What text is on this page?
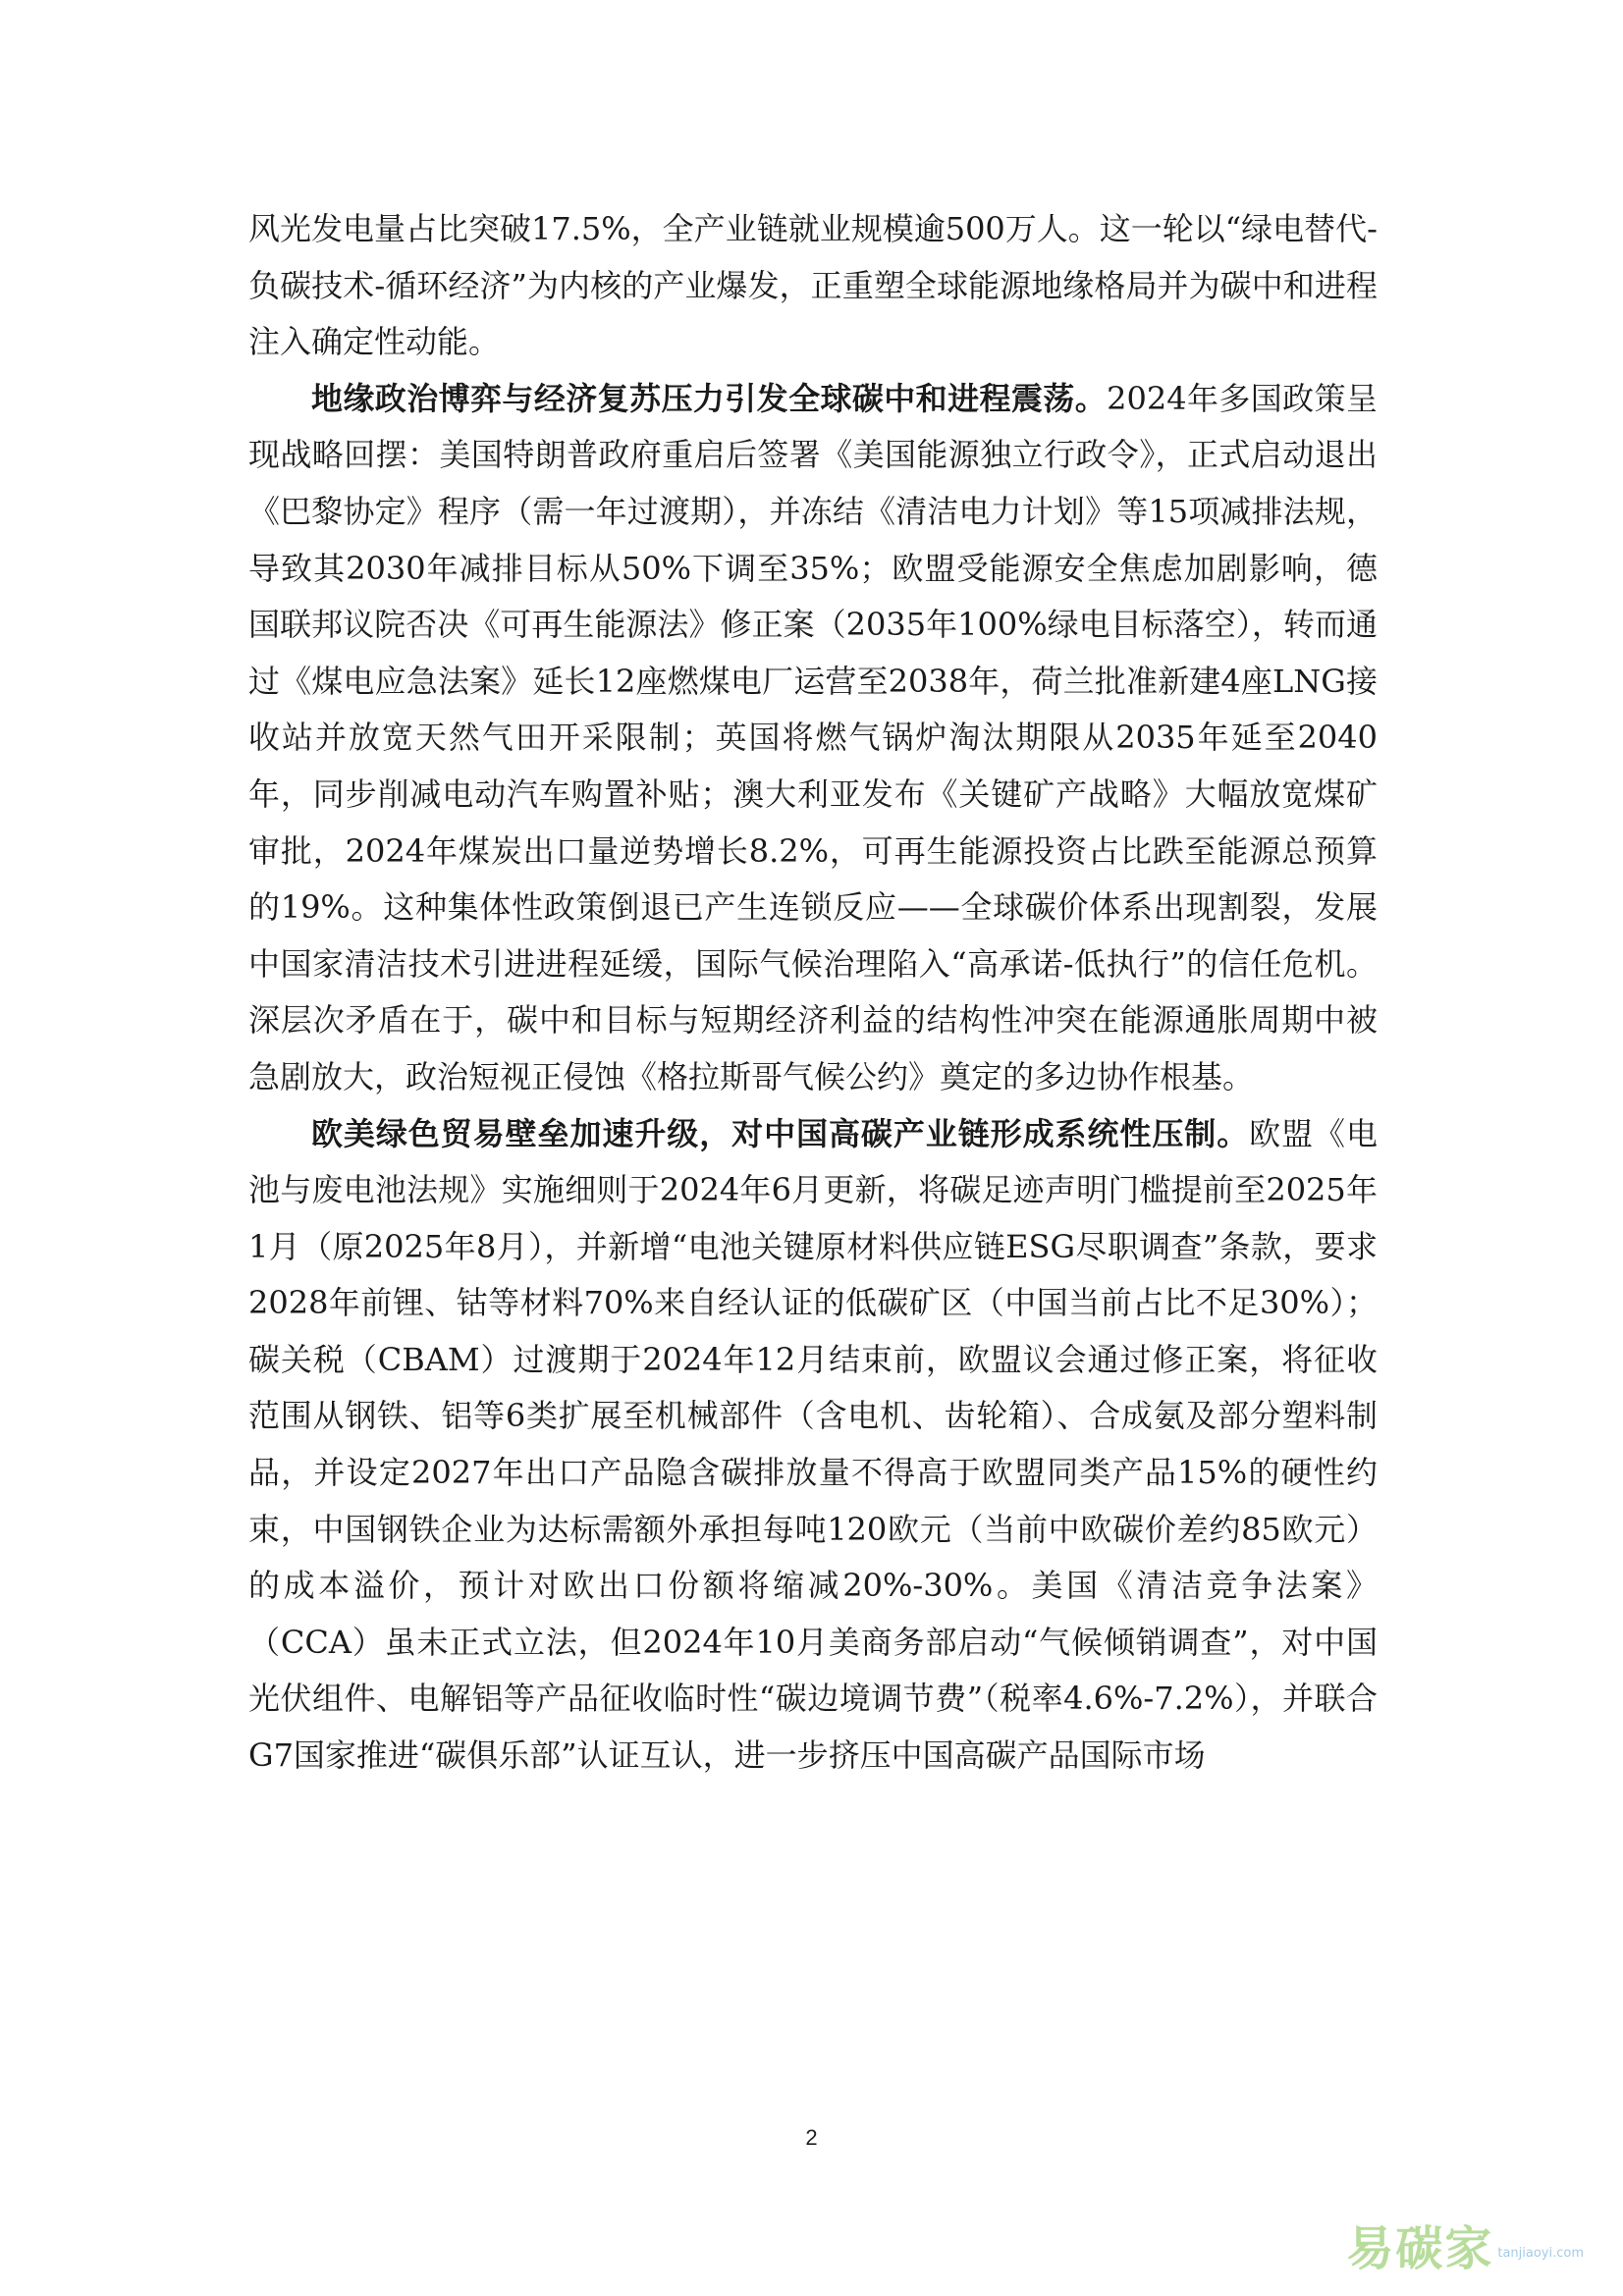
风光发电量占比突破17.5%，全产业链就业规模逾500万人。这一轮以“绿电替代-负碳技术-循环经济”为内核的产业爆发，正重塑全球能源地缘格局并为碳中和进程注入确定性动能。

地缘政治博弈与经济复苏压力引发全球碳中和进程震荡。2024年多国政策呈现战略回摆：美国特朗普政府重启后签署《美国能源独立行政令》，正式启动退出《巴黎协定》程序（需一年过渡期），并冻结《清洁电力计划》等15项减排法规，导致其2030年减排目标从50%下调至35%；欧盟受能源安全焦虑加剧影响，德国联邦议院否决《可再生能源法》修正案（2035年100%绿电目标落空），转而通过《煤电应急法案》延长12座燃煤电厂运营至2038年，荷兰批准新建4座LNG接收站并放宽天然气田开采限制；英国将燃气锅炉淘汰期限从2035年延至2040年，同步削减电动汽车购置补贴；澳大利亚发布《关键矿产战略》大幅放宽煤矿审批，2024年煤炭出口量逆势增长8.2%，可再生能源投资占比跌至能源总预算的19%。这种集体性政策倒退已产生连锁反应——全球碳价体系出现割裂，发展中国家清洁技术引进进程延缓，国际气候治理陷入“高承诺-低执行”的信任危机。深层次矛盾在于，碳中和目标与短期经济利益的结构性冲突在能源通胀周期中被急剧放大，政治短视正侵蚀《格拉斯哥气候公约》奠定的多边协作根基。

欧美绿色贸易壁垒加速升级，对中国高碳产业链形成系统性压制。欧盟《电池与废电池法规》实施细则于2024年6月更新，将碳足迹声明门槛提前至2025年1月（原2025年8月），并新增“电池关键原材料供应链ESG尽职调查”条款，要求2028年前锂、钴等材料70%来自经认证的低碳矿区（中国当前占比不足30%）；碳关税（CBAM）过渡期于2024年12月结束前，欧盟议会通过修正案，将征收范围从钢铁、铝等6类扩展至机械部件（含电机、齿轮箱）、合成氨及部分塑料制品，并设定2027年出口产品隐含碳排放量不得高于欧盟同类产品15%的硬性约束，中国钢铁企业为达标需额外承担每吨120欧元（当前中欧碳价差约85欧元）的成本溢价，预计对欧出口份额将缩减20%-30%。美国《清洁竞争法案》（CCA）虽未正式立法，但2024年10月美商务部启动“气候倾销调查”，对中国光伏组件、电解铝等产品征收临时性“碳边境调节费”（税率4.6%-7.2%），并联合G7国家推进“碳俱乐部”认证互认，进一步挤压中国高碳产品国际市场

2
易碳家 tanjiaoyi.com
